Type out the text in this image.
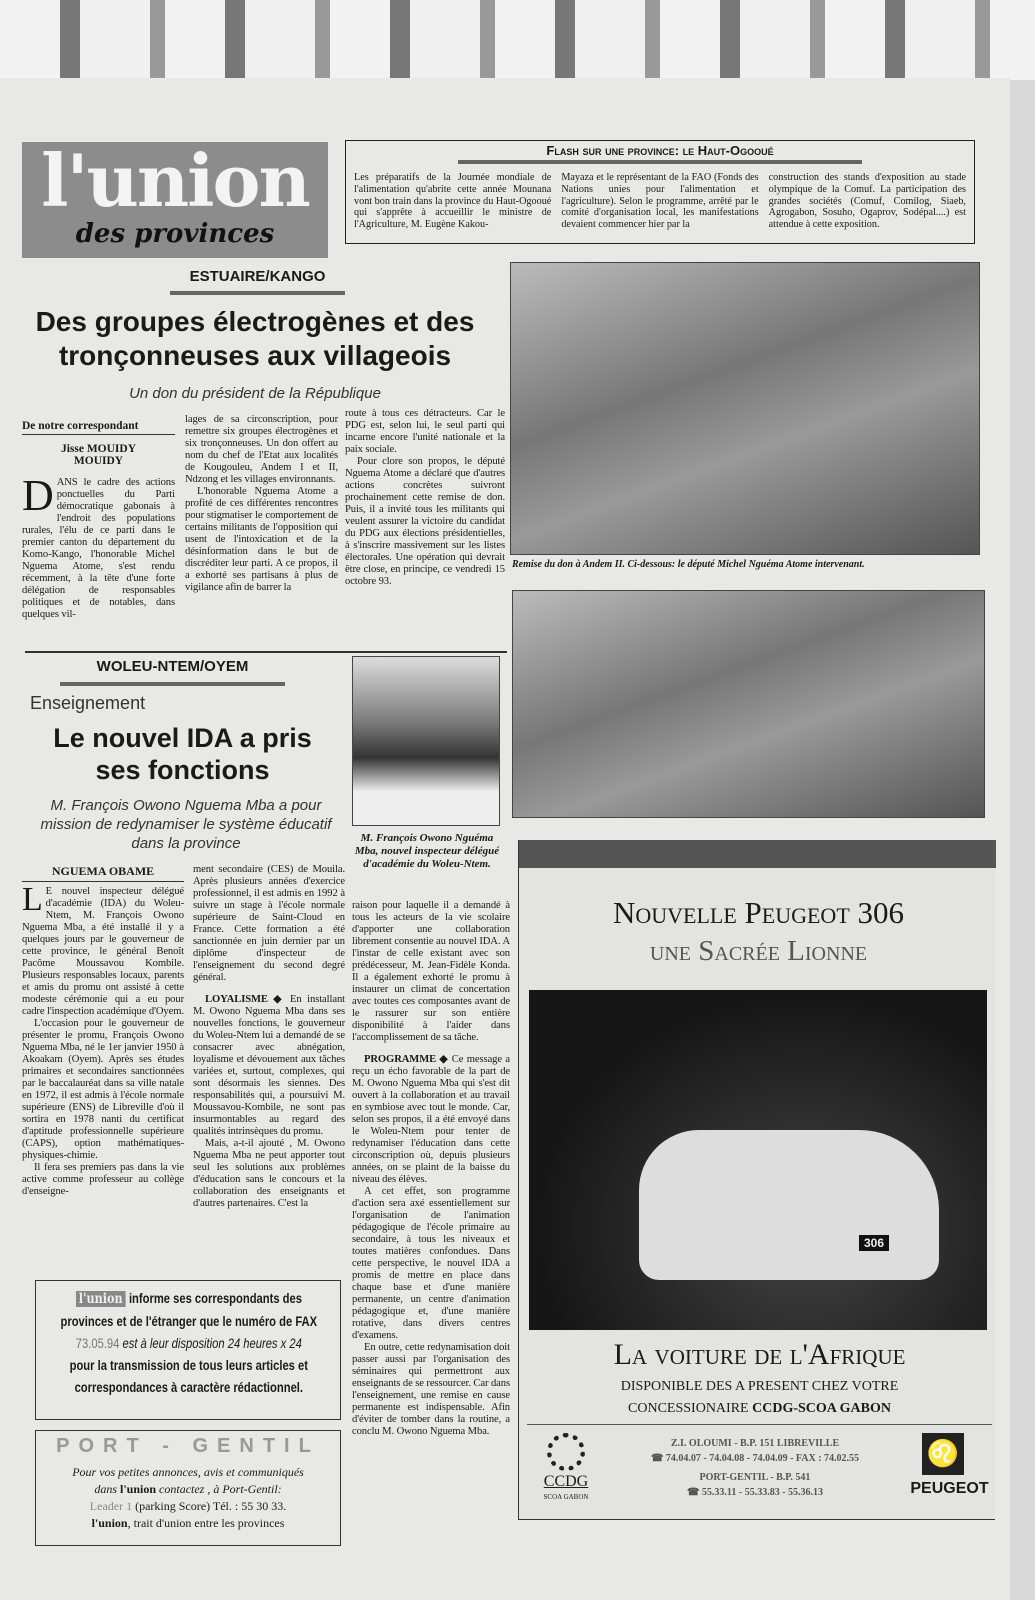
l'union
des provinces
Flash sur une province: le Haut-Ogooué
Les préparatifs de la Journée mondiale de l'alimentation qu'abrite cette année Mounana vont bon train dans la province du Haut-Ogooué qui s'apprête à accueillir le ministre de l'Agriculture, M. Eugène Kakou-
Mayaza et le représentant de la FAO (Fonds des Nations unies pour l'alimentation et l'agriculture). Selon le programme, arrêté par le comité d'organisation local, les manifestations devaient commencer hier par la
construction des stands d'exposition au stade olympique de la Comuf. La participation des grandes sociétés (Comuf, Comilog, Siaeb, Agrogabon, Sosuho, Ogaprov, Sodépal....) est attendue à cette exposition.
ESTUAIRE/KANGO
Des groupes électrogènes et des tronçonneuses aux villageois
Un don du président de la République
De notre correspondant
Jisse MOUIDY MOUIDY
DANS le cadre des actions ponctuelles du Parti démocratique gabonais à l'endroit des populations rurales, l'élu de ce parti dans le premier canton du département du Komo-Kango, l'honorable Michel Nguema Atome, s'est rendu récemment, à la tête d'une forte délégation de responsables politiques et de notables, dans quelques vil-
lages de sa circonscription, pour remettre six groupes électrogènes et six tronçonneuses. Un don offert au nom du chef de l'Etat aux localités de Kougouleu, Andem I et II, Ndzong et les villages environnants.

L'honorable Nguema Atome a profité de ces différentes rencontres pour stigmatiser le comportement de certains militants de l'opposition qui usent de l'intoxication et de la désinformation dans le but de discréditer leur parti. A ce propos, il a exhorté ses partisans à plus de vigilance afin de barrer la

route à tous ces détracteurs. Car le PDG est, selon lui, le seul parti qui incarne encore l'unité nationale et la paix sociale.

Pour clore son propos, le député Nguema Atome a déclaré que d'autres actions concrètes suivront prochainement cette remise de don. Puis, il a invité tous les militants qui veulent assurer la victoire du candidat du PDG aux élections présidentielles, à s'inscrire massivement sur les listes électorales. Une opération qui devrait être close, en principe, ce vendredi 15 octobre 93.

Remise du don à Andem II. Ci-dessous: le député Michel Nguéma Atome intervenant.
WOLEU-NTEM/OYEM
Enseignement
Le nouvel IDA a pris ses fonctions
M. François Owono Nguema Mba a pour mission de redynamiser le système éducatif dans la province	M. François Owono Nguéma Mba, nouvel inspecteur délégué d'académie du Woleu-Ntem.
NGUEMA OBAME
L E nouvel inspecteur délégué d'académie (IDA) du Woleu-Ntem, M. François Owono Nguema Mba, a été installé il y a quelques jours par le gouverneur de cette province, le général Benoît Pacôme Moussavou Kombile. Plusieurs responsables locaux, parents et amis du promu ont assisté à cette modeste cérémonie qui a eu pour cadre l'inspection académique d'Oyem.

L'occasion pour le gouverneur de présenter le promu, François Owono Nguema Mba, né le 1er janvier 1950 à Akoakam (Oyem). Après ses études primaires et secondaires sanctionnées par le baccalauréat dans sa ville natale en 1972, il est admis à l'école normale supérieure (ENS) de Libreville d'où il sortira en 1978 nanti du certificat d'aptitude professionnelle supérieure (CAPS), option mathématiques-physiques-chimie.

Il fera ses premiers pas dans la vie active comme professeur au collège d'enseigne-

ment secondaire (CES) de Mouila. Après plusieurs années d'exercice professionnel, il est admis en 1992 à suivre un stage à l'école normale supérieure de Saint-Cloud en France. Cette formation a été sanctionnée en juin dernier par un diplôme d'inspecteur de l'enseignement du second degré général.

LOYALISME ◆ En installant M. Owono Nguema Mba dans ses nouvelles fonctions, le gouverneur du Woleu-Ntem lui a demandé de se consacrer avec abnégation, loyalisme et dévouement aux tâches variées et, surtout, complexes, qui sont désormais les siennes. Des responsabilités qui, a poursuivi M. Moussavou-Kombile, ne sont pas insurmontables au regard des qualités intrinsèques du promu.

Mais, a-t-il ajouté , M. Owono Nguema Mba ne peut apporter tout seul les solutions aux problèmes d'éducation sans le concours et la collaboration des enseignants et d'autres partenaires. C'est la

raison pour laquelle il a demandé à tous les acteurs de la vie scolaire d'apporter une collaboration librement consentie au nouvel IDA. A l'instar de celle existant avec son prédécesseur, M. Jean-Fidèle Konda. Il a également exhorté le promu à instaurer un climat de concertation avec toutes ces composantes avant de le rassurer sur son entière disponibilité à l'aider dans l'accomplissement de sa tâche.

PROGRAMME ◆ Ce message a reçu un écho favorable de la part de M. Owono Nguema Mba qui s'est dit ouvert à la collaboration et au travail en symbiose avec tout le monde. Car, selon ses propos, il a été envoyé dans le Woleu-Ntem pour tenter de redynamiser l'éducation dans cette circonscription où, depuis plusieurs années, on se plaint de la baisse du niveau des élèves.

A cet effet, son programme d'action sera axé essentiellement sur l'organisation de l'animation pédagogique de l'école primaire au secondaire, à tous les niveaux et toutes matières confondues. Dans cette perspective, le nouvel IDA a promis de mettre en place dans chaque base et d'une manière permanente, un centre d'animation pédagogique et, d'une manière rotative, dans divers centres d'examens.

En outre, cette redynamisation doit passer aussi par l'organisation des séminaires qui permettront aux enseignants de se ressourcer. Car dans l'enseignement, une remise en cause permanente est indispensable. Afin d'éviter de tomber dans la routine, a conclu M. Owono Nguema Mba.

l'union informe ses correspondants des
provinces et de l'étranger que le numéro de FAX
73.05.94 est à leur disposition 24 heures x 24
pour la transmission de tous leurs articles et
correspondances à caractère rédactionnel.
PORT - GENTIL
Pour vos petites annonces, avis et communiqués
dans l'union contactez , à Port-Gentil:
Leader 1 (parking Score) Tél. : 55 30 33.
l'union, trait d'union entre les provinces
Nouvelle Peugeot 306
une Sacrée Lionne
306
La voiture de l'Afrique
DISPONIBLE DES A PRESENT CHEZ VOTRE
CONCESSIONAIRE CCDG-SCOA GABON
CCDG
SCOA GABON
Z.I. OLOUMI - B.P. 151 LIBREVILLE
☎ 74.04.07 - 74.04.08 - 74.04.09 - FAX : 74.02.55
PORT-GENTIL - B.P. 541
☎ 55.33.11 - 55.33.83 - 55.36.13
♌
PEUGEOT
